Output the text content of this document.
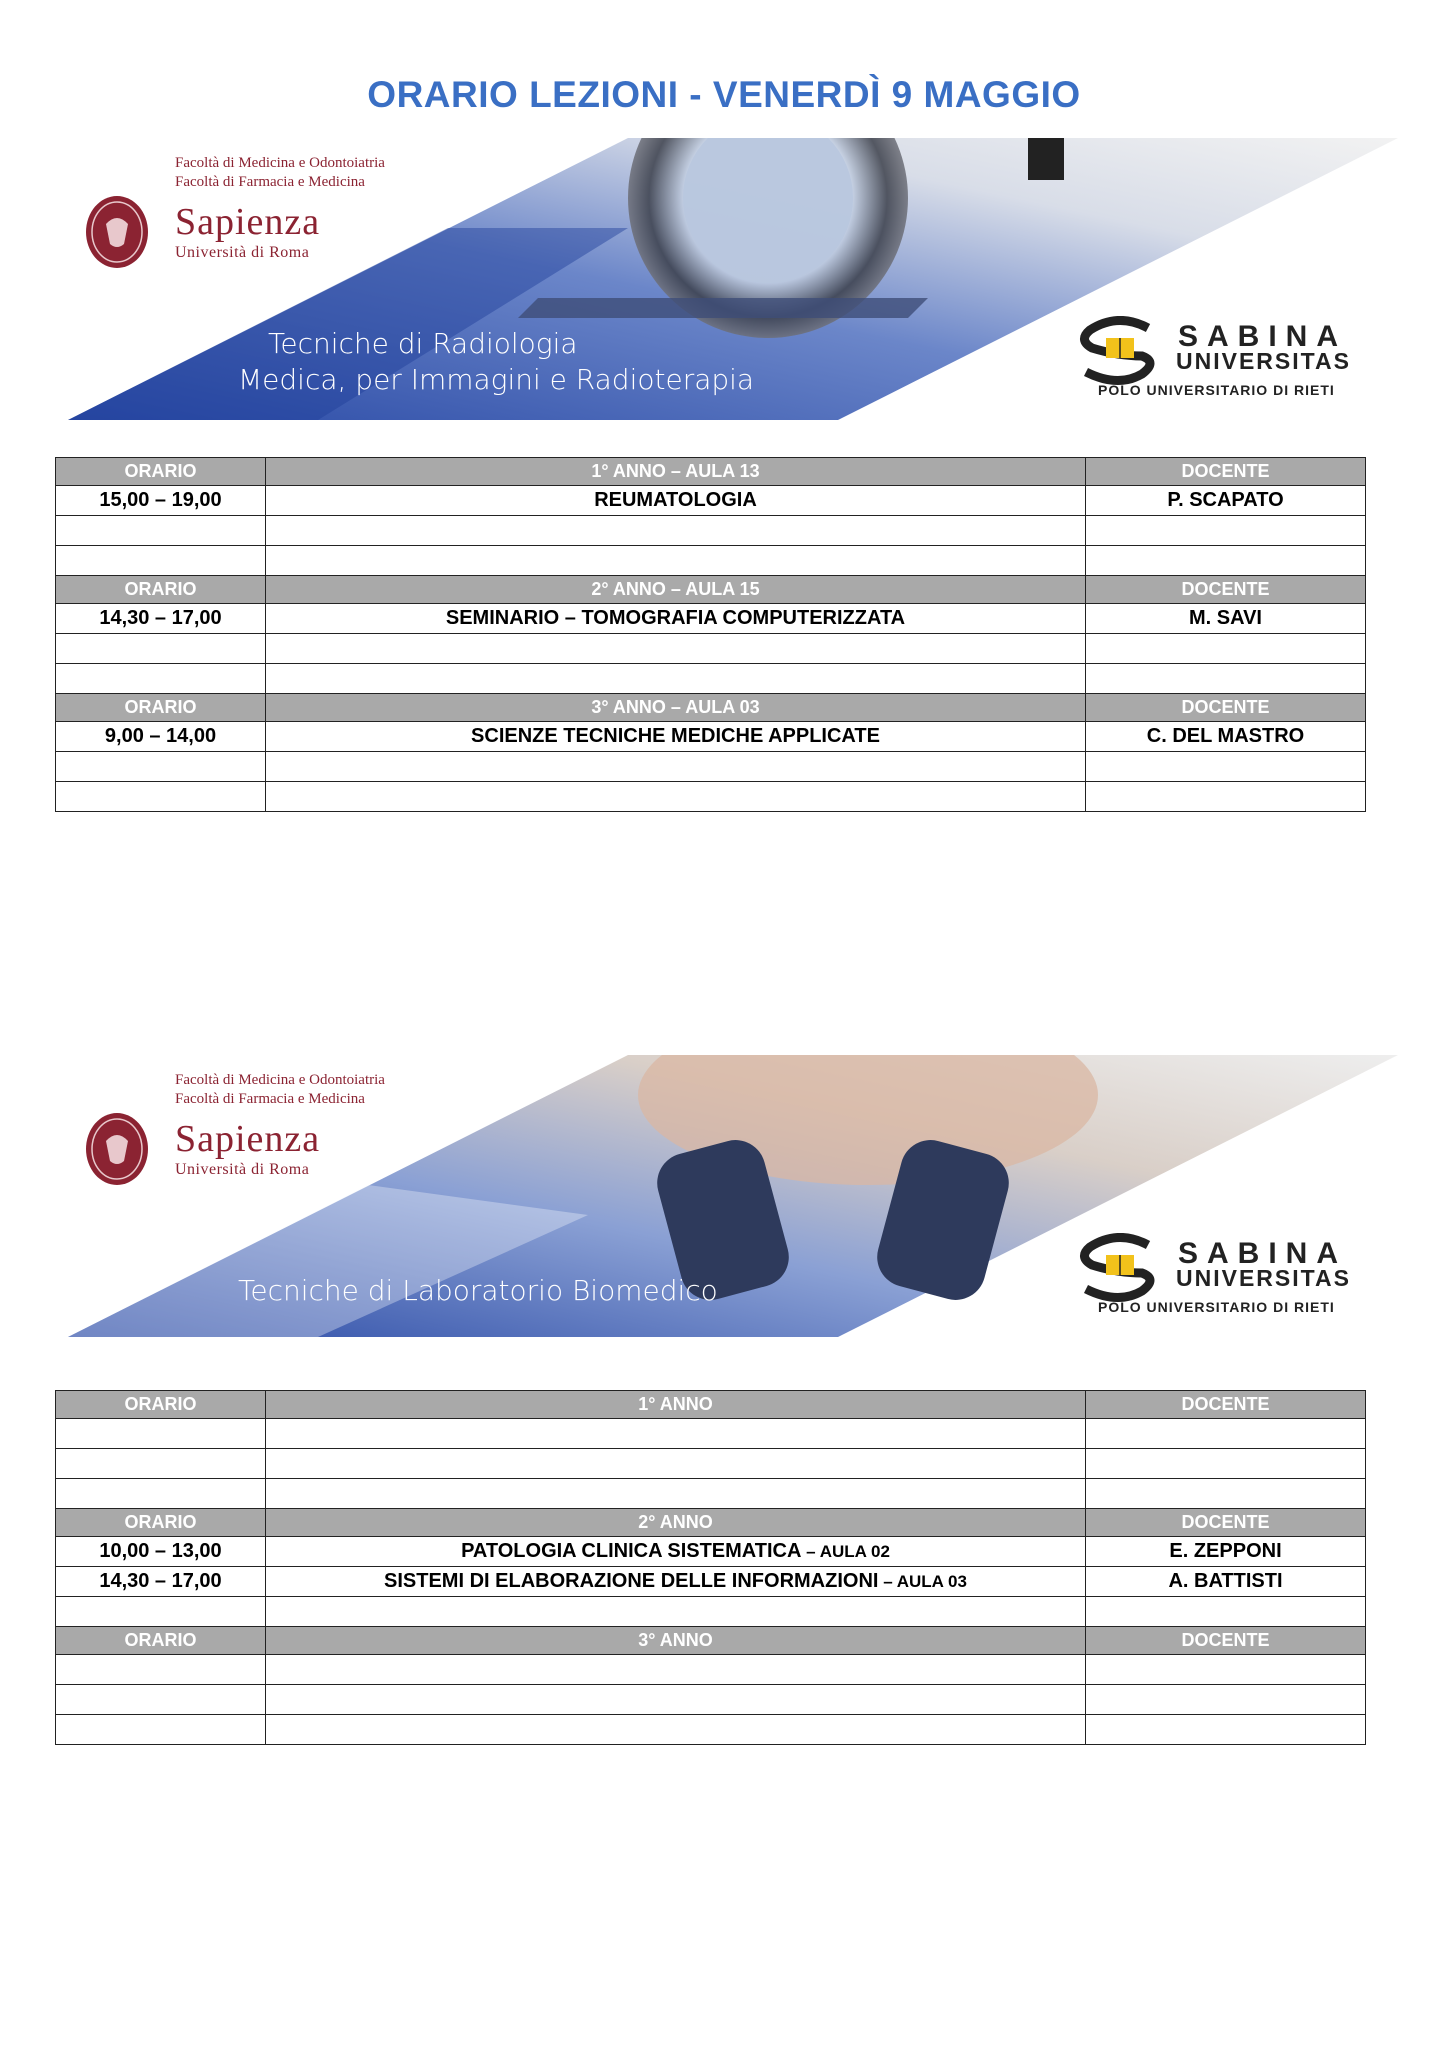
ORARIO LEZIONI - VENERDÌ 9 MAGGIO
Facoltà di Medicina e Odontoiatria
Facoltà di Farmacia e Medicina
Sapienza
Università di Roma
Tecniche di Radiologia
Medica, per Immagini e Radioterapia
SABINA
UNIVERSITAS
POLO UNIVERSITARIO DI RIETI
ORARIO	1° ANNO – AULA 13	DOCENTE
15,00 – 19,00	REUMATOLOGIA	P. SCAPATO

ORARIO	2° ANNO – AULA 15	DOCENTE
14,30 – 17,00	SEMINARIO – TOMOGRAFIA COMPUTERIZZATA	M. SAVI

ORARIO	3° ANNO – AULA 03	DOCENTE
9,00 – 14,00	SCIENZE TECNICHE MEDICHE APPLICATE	C. DEL MASTRO

Facoltà di Medicina e Odontoiatria
Facoltà di Farmacia e Medicina
Sapienza
Università di Roma
Tecniche di Laboratorio Biomedico
SABINA
UNIVERSITAS
POLO UNIVERSITARIO DI RIETI
ORARIO	1° ANNO	DOCENTE

ORARIO	2° ANNO	DOCENTE
10,00 – 13,00	PATOLOGIA CLINICA SISTEMATICA – AULA 02	E. ZEPPONI
14,30 – 17,00	SISTEMI DI ELABORAZIONE DELLE INFORMAZIONI – AULA 03	A. BATTISTI

ORARIO	3° ANNO	DOCENTE
